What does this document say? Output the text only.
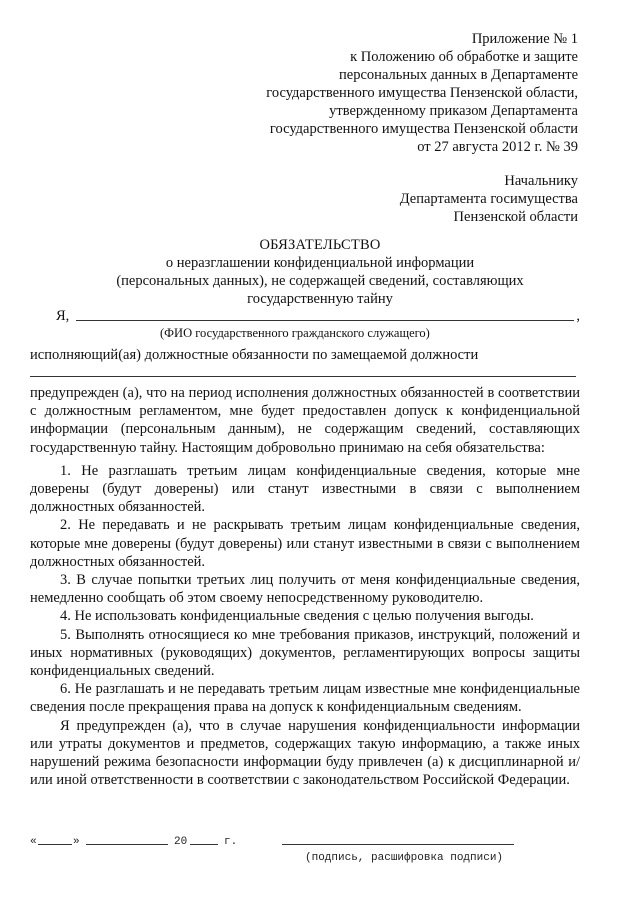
Приложение № 1
к Положению об обработке и защите
персональных данных в Департаменте
государственного имущества Пензенской области,
утвержденному приказом Департамента
государственного имущества Пензенской области
от 27 августа 2012 г. № 39
Начальнику
Департамента госимущества
Пензенской области
ОБЯЗАТЕЛЬСТВО
о неразглашении конфиденциальной информации
(персональных данных), не содержащей сведений, составляющих
государственную тайну
Я,	,
(ФИО государственного гражданского служащего)
исполняющий(ая) должностные обязанности по замещаемой должности

предупрежден (а), что на период исполнения должностных обязанностей в соответствии с должностным регламентом, мне будет предоставлен допуск к конфиденциальной информации (персональным данным), не содержащим сведений, составляющих государственную тайну. Настоящим добровольно принимаю на себя обязательства:

1. Не разглашать третьим лицам конфиденциальные сведения, которые мне доверены (будут доверены) или станут известными в связи с выполнением должностных обязанностей.

2. Не передавать и не раскрывать третьим лицам конфиденциальные сведения, которые мне доверены (будут доверены) или станут известными в связи с выполнением должностных обязанностей.

3. В случае попытки третьих лиц получить от меня конфиденциальные сведения, немедленно сообщать об этом своему непосредственному руководителю.

4. Не использовать конфиденциальные сведения с целью получения выгоды.

5. Выполнять относящиеся ко мне требования приказов, инструкций, положений и иных нормативных (руководящих) документов, регламентирующих вопросы защиты конфиденциальных сведений.

6. Не разглашать и не передавать третьим лицам известные мне конфиденциальные сведения после прекращения права на допуск к конфиденциальным сведениям.

Я предупрежден (а), что в случае нарушения конфиденциальности информации или утраты документов и предметов, содержащих такую информацию, а также иных нарушений режима безопасности информации буду привлечен (а) к дисциплинарной и/или иной ответственности в соответствии с законодательством Российской Федерации.

«	»	20	г.
(подпись, расшифровка подписи)
